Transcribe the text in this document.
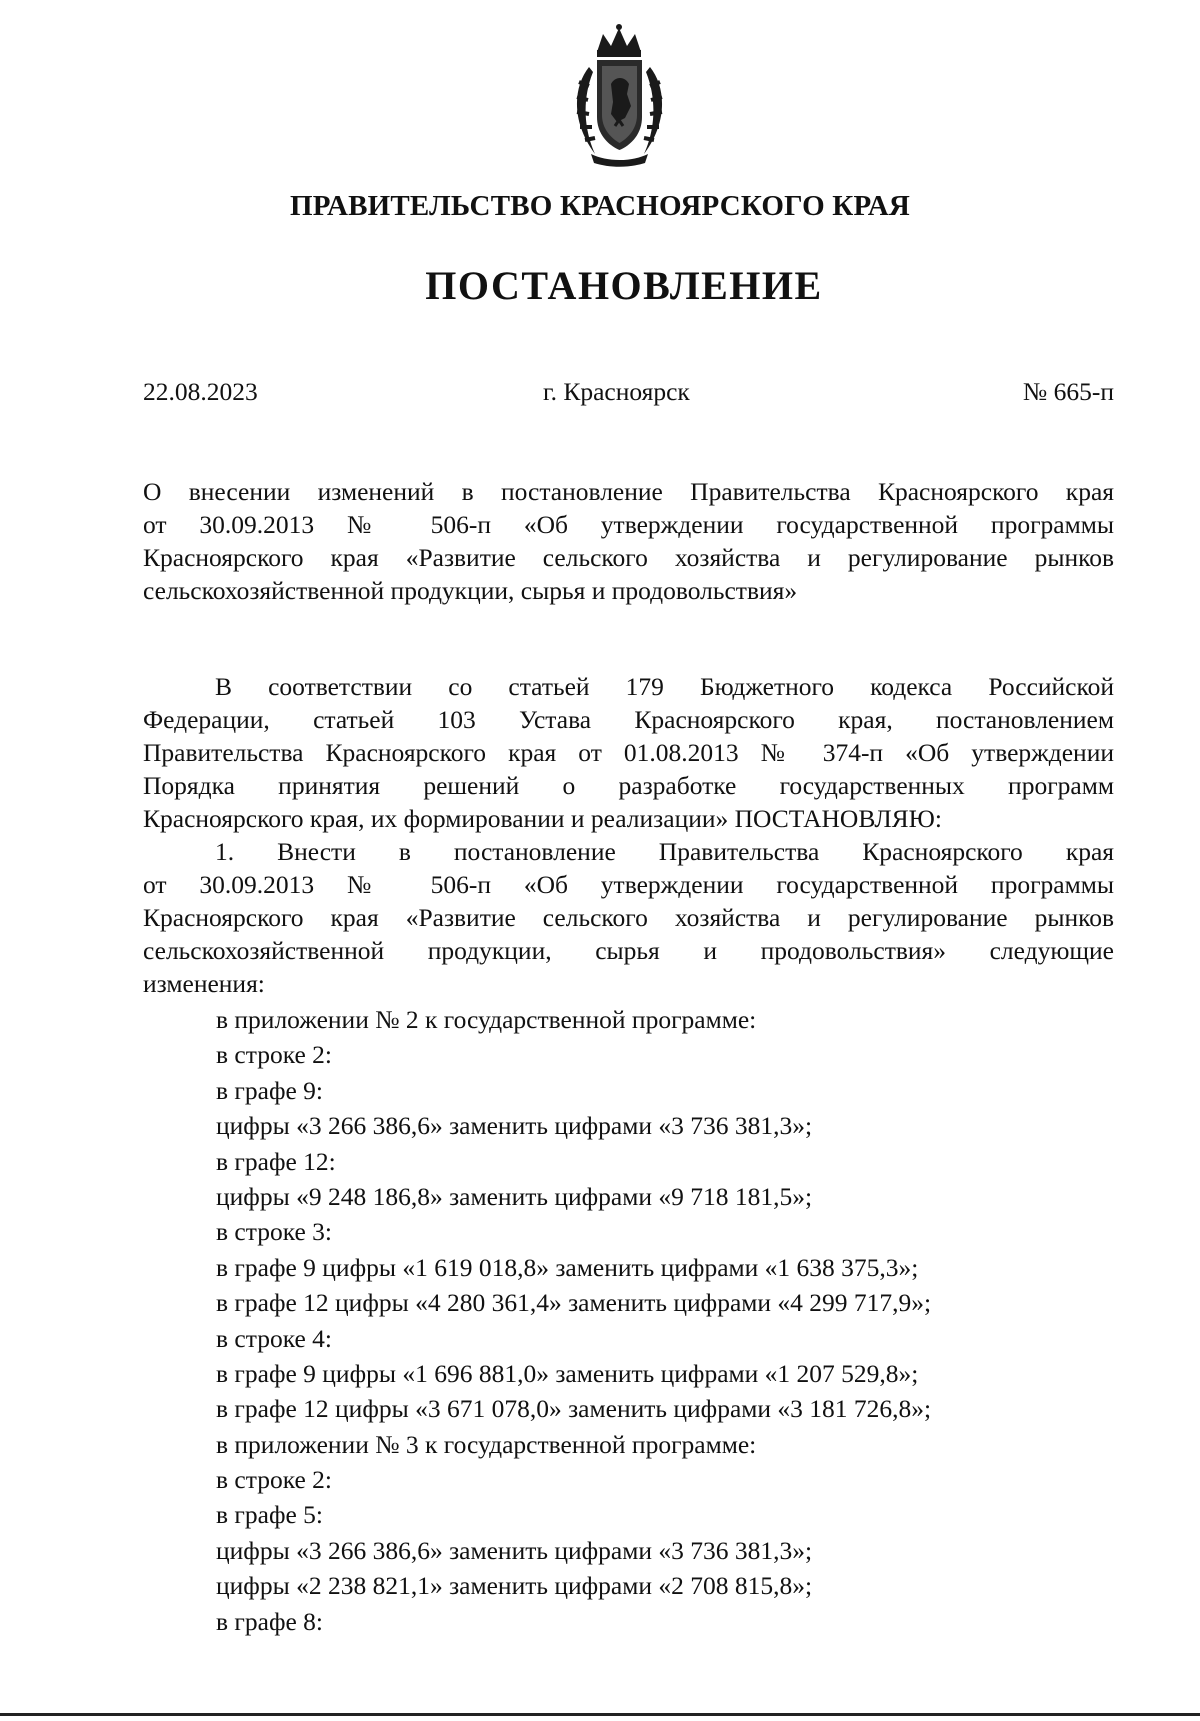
ПРАВИТЕЛЬСТВО КРАСНОЯРСКОГО КРАЯ
ПОСТАНОВЛЕНИЕ
22.08.2023	г. Красноярск	№ 665-п
О внесении изменений в постановление Правительства Красноярского края
от 30.09.2013 № 506-п «Об утверждении государственной программы
Красноярского края «Развитие сельского хозяйства и регулирование рынков
сельскохозяйственной продукции, сырья и продовольствия»
В соответствии со статьей 179 Бюджетного кодекса Российской
Федерации, статьей 103 Устава Красноярского края, постановлением
Правительства Красноярского края от 01.08.2013 № 374-п «Об утверждении
Порядка принятия решений о разработке государственных программ
Красноярского края, их формировании и реализации» ПОСТАНОВЛЯЮ:
1. Внести в постановление Правительства Красноярского края
от 30.09.2013 № 506-п «Об утверждении государственной программы
Красноярского края «Развитие сельского хозяйства и регулирование рынков
сельскохозяйственной продукции, сырья и продовольствия» следующие
изменения:
в приложении № 2 к государственной программе:
в строке 2:
в графе 9:
цифры «3 266 386,6» заменить цифрами «3 736 381,3»;
в графе 12:
цифры «9 248 186,8» заменить цифрами «9 718 181,5»;
в строке 3:
в графе 9 цифры «1 619 018,8» заменить цифрами «1 638 375,3»;
в графе 12 цифры «4 280 361,4» заменить цифрами «4 299 717,9»;
в строке 4:
в графе 9 цифры «1 696 881,0» заменить цифрами «1 207 529,8»;
в графе 12 цифры «3 671 078,0» заменить цифрами «3 181 726,8»;
в приложении № 3 к государственной программе:
в строке 2:
в графе 5:
цифры «3 266 386,6» заменить цифрами «3 736 381,3»;
цифры «2 238 821,1» заменить цифрами «2 708 815,8»;
в графе 8:
